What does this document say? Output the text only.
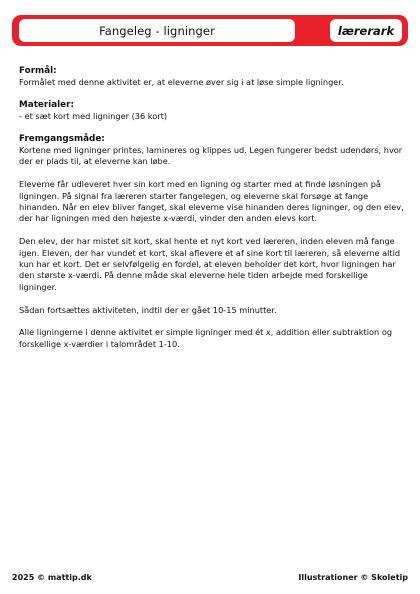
Fangeleg - ligninger	lærerark
Formål:
Formålet med denne aktivitet er, at eleverne øver sig i at løse simple ligninger.
Materialer:
- et sæt kort med ligninger (36 kort)
Fremgangsmåde:
Kortene med ligninger printes, lamineres og klippes ud. Legen fungerer bedst udendørs, hvor der er plads til, at eleverne kan løbe.
Eleverne får udleveret hver sin kort med en ligning og starter med at finde løsningen på ligningen. På signal fra læreren starter fangelegen, og eleverne skal forsøge at fange hinanden. Når en elev bliver fanget, skal eleverne vise hinanden deres ligninger, og den elev, der har ligningen med den højeste x-værdi, vinder den anden elevs kort.
Den elev, der har mistet sit kort, skal hente et nyt kort ved læreren, inden eleven må fange igen. Eleven, der har vundet et kort, skal aflevere et af sine kort til læreren, så eleverne altid kun har et kort. Det er selvfølgelig en fordel, at eleven beholder det kort, hvor ligningen har den største x-værdi. På denne måde skal eleverne hele tiden arbejde med forskellige ligninger.
Sådan fortsættes aktiviteten, indtil der er gået 10-15 minutter.
Alle ligningerne i denne aktivitet er simple ligninger med ét x, addition eller subtraktion og forskellige x-værdier i talområdet 1-10.
2025 © mattip.dk	Illustrationer © Skoletip
